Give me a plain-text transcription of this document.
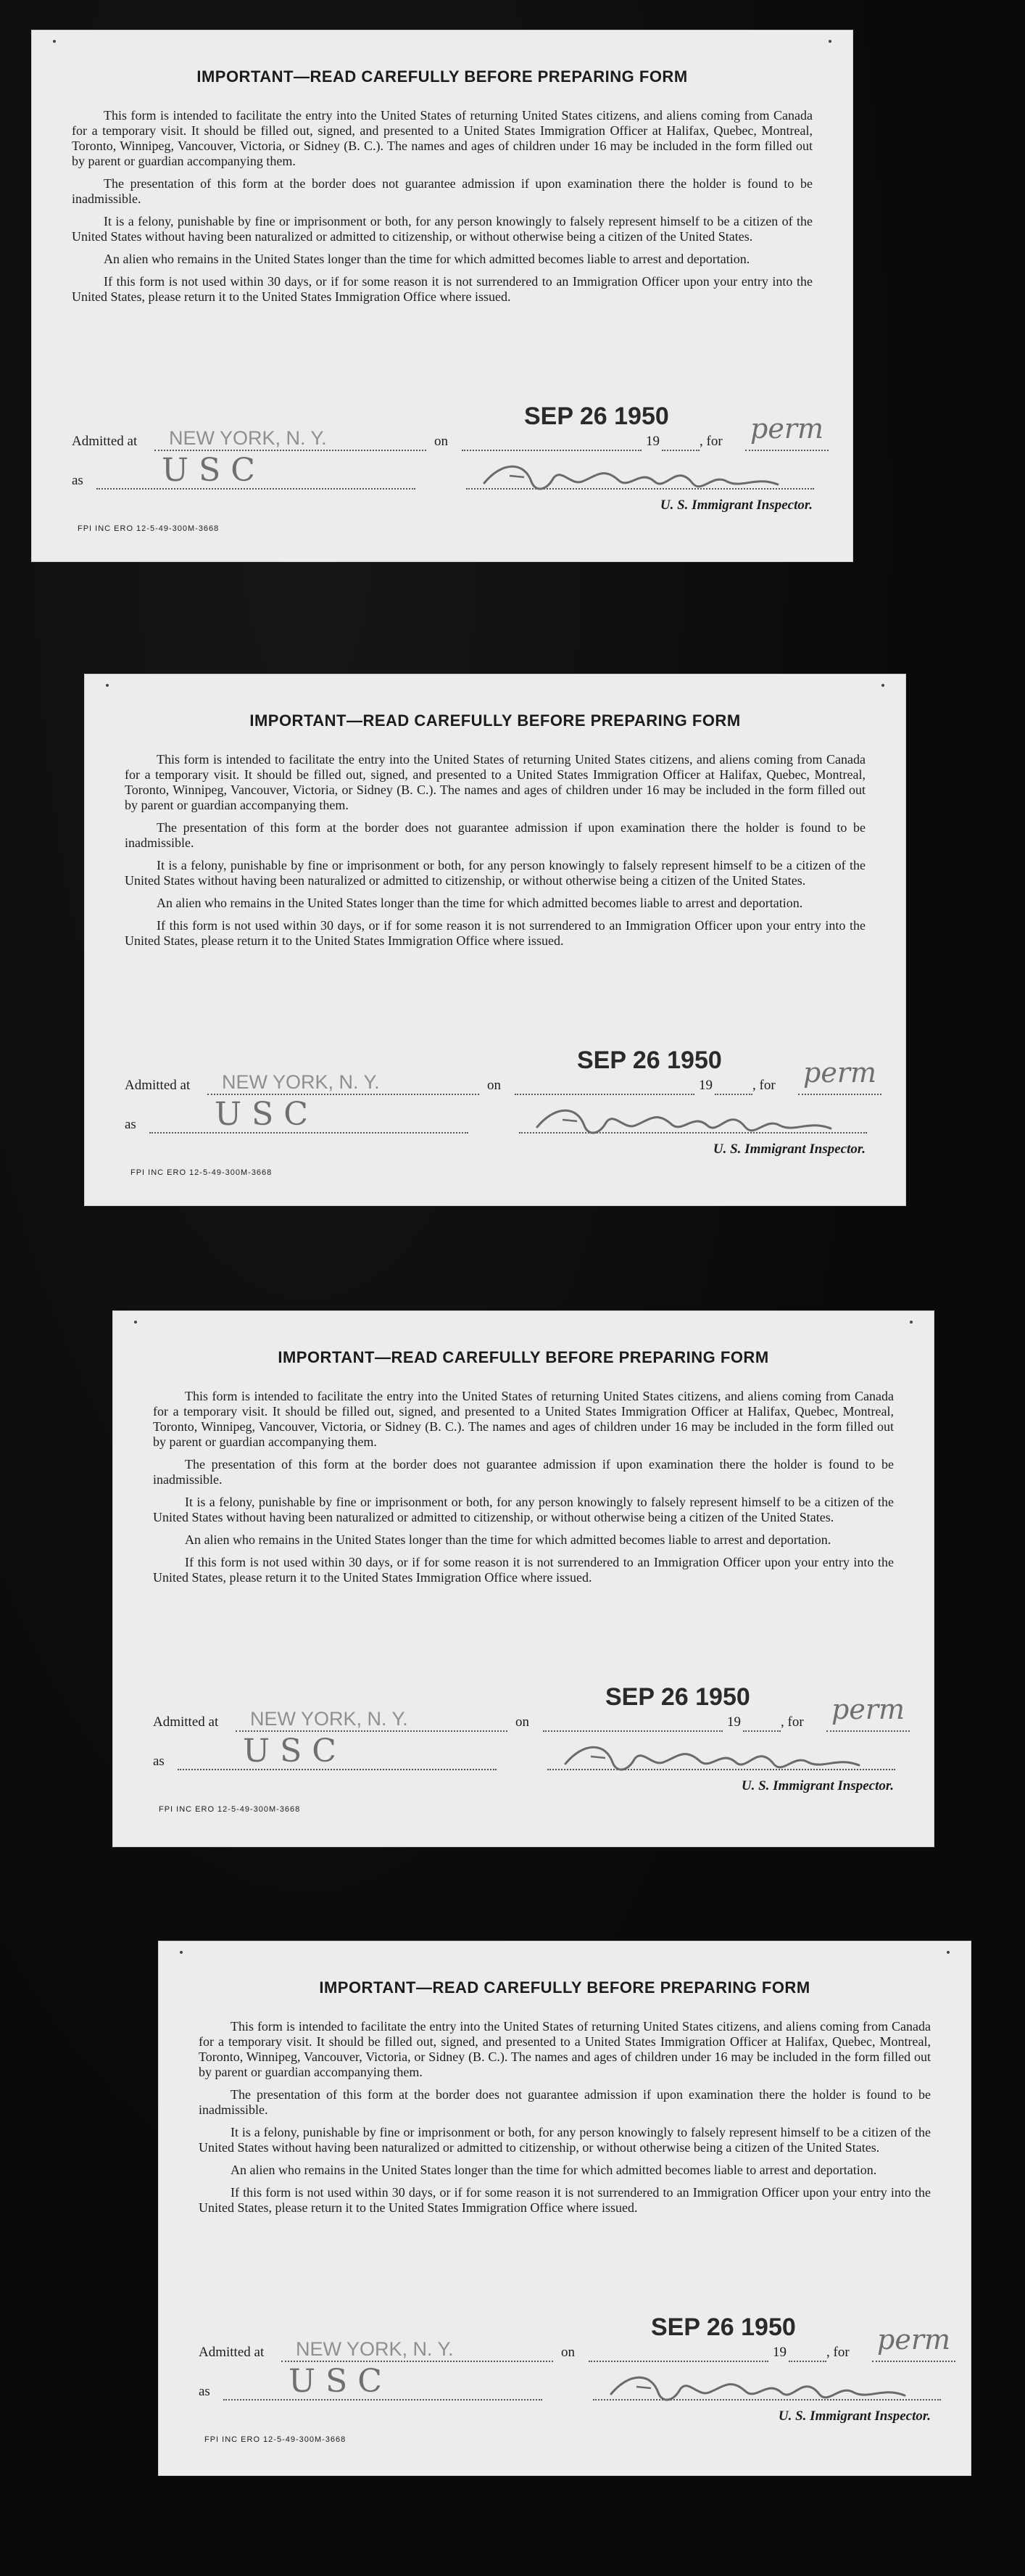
IMPORTANT—READ CAREFULLY BEFORE PREPARING FORM

This form is intended to facilitate the entry into the United States of returning United States citizens, and aliens coming from Canada for a temporary visit. It should be filled out, signed, and presented to a United States Immigration Officer at Halifax, Quebec, Montreal, Toronto, Winnipeg, Vancouver, Victoria, or Sidney (B. C.). The names and ages of children under 16 may be included in the form filled out by parent or guardian accompanying them.

The presentation of this form at the border does not guarantee admission if upon examination there the holder is found to be inadmissible.

It is a felony, punishable by fine or imprisonment or both, for any person knowingly to falsely represent himself to be a citizen of the United States without having been naturalized or admitted to citizenship, or without otherwise being a citizen of the United States.

An alien who remains in the United States longer than the time for which admitted becomes liable to arrest and deportation.

If this form is not used within 30 days, or if for some reason it is not surrendered to an Immigration Officer upon your entry into the United States, please return it to the United States Immigration Office where issued.

Admitted at NEW YORK, N. Y.	on
SEP 26 1950
19	, for perm
as USC
U. S. Immigrant Inspector.
FPI INC ERO 12-5-49-300M-3668
IMPORTANT—READ CAREFULLY BEFORE PREPARING FORM

This form is intended to facilitate the entry into the United States of returning United States citizens, and aliens coming from Canada for a temporary visit. It should be filled out, signed, and presented to a United States Immigration Officer at Halifax, Quebec, Montreal, Toronto, Winnipeg, Vancouver, Victoria, or Sidney (B. C.). The names and ages of children under 16 may be included in the form filled out by parent or guardian accompanying them.

The presentation of this form at the border does not guarantee admission if upon examination there the holder is found to be inadmissible.

It is a felony, punishable by fine or imprisonment or both, for any person knowingly to falsely represent himself to be a citizen of the United States without having been naturalized or admitted to citizenship, or without otherwise being a citizen of the United States.

An alien who remains in the United States longer than the time for which admitted becomes liable to arrest and deportation.

If this form is not used within 30 days, or if for some reason it is not surrendered to an Immigration Officer upon your entry into the United States, please return it to the United States Immigration Office where issued.

Admitted at NEW YORK, N. Y.	on
SEP 26 1950
19	, for perm
as USC
U. S. Immigrant Inspector.
FPI INC ERO 12-5-49-300M-3668
IMPORTANT—READ CAREFULLY BEFORE PREPARING FORM

This form is intended to facilitate the entry into the United States of returning United States citizens, and aliens coming from Canada for a temporary visit. It should be filled out, signed, and presented to a United States Immigration Officer at Halifax, Quebec, Montreal, Toronto, Winnipeg, Vancouver, Victoria, or Sidney (B. C.). The names and ages of children under 16 may be included in the form filled out by parent or guardian accompanying them.

The presentation of this form at the border does not guarantee admission if upon examination there the holder is found to be inadmissible.

It is a felony, punishable by fine or imprisonment or both, for any person knowingly to falsely represent himself to be a citizen of the United States without having been naturalized or admitted to citizenship, or without otherwise being a citizen of the United States.

An alien who remains in the United States longer than the time for which admitted becomes liable to arrest and deportation.

If this form is not used within 30 days, or if for some reason it is not surrendered to an Immigration Officer upon your entry into the United States, please return it to the United States Immigration Office where issued.

Admitted at NEW YORK, N. Y.	on
SEP 26 1950
19	, for perm
as USC
U. S. Immigrant Inspector.
FPI INC ERO 12-5-49-300M-3668
IMPORTANT—READ CAREFULLY BEFORE PREPARING FORM

This form is intended to facilitate the entry into the United States of returning United States citizens, and aliens coming from Canada for a temporary visit. It should be filled out, signed, and presented to a United States Immigration Officer at Halifax, Quebec, Montreal, Toronto, Winnipeg, Vancouver, Victoria, or Sidney (B. C.). The names and ages of children under 16 may be included in the form filled out by parent or guardian accompanying them.

The presentation of this form at the border does not guarantee admission if upon examination there the holder is found to be inadmissible.

It is a felony, punishable by fine or imprisonment or both, for any person knowingly to falsely represent himself to be a citizen of the United States without having been naturalized or admitted to citizenship, or without otherwise being a citizen of the United States.

An alien who remains in the United States longer than the time for which admitted becomes liable to arrest and deportation.

If this form is not used within 30 days, or if for some reason it is not surrendered to an Immigration Officer upon your entry into the United States, please return it to the United States Immigration Office where issued.

Admitted at NEW YORK, N. Y.	on
SEP 26 1950
19	, for perm
as USC
U. S. Immigrant Inspector.
FPI INC ERO 12-5-49-300M-3668
